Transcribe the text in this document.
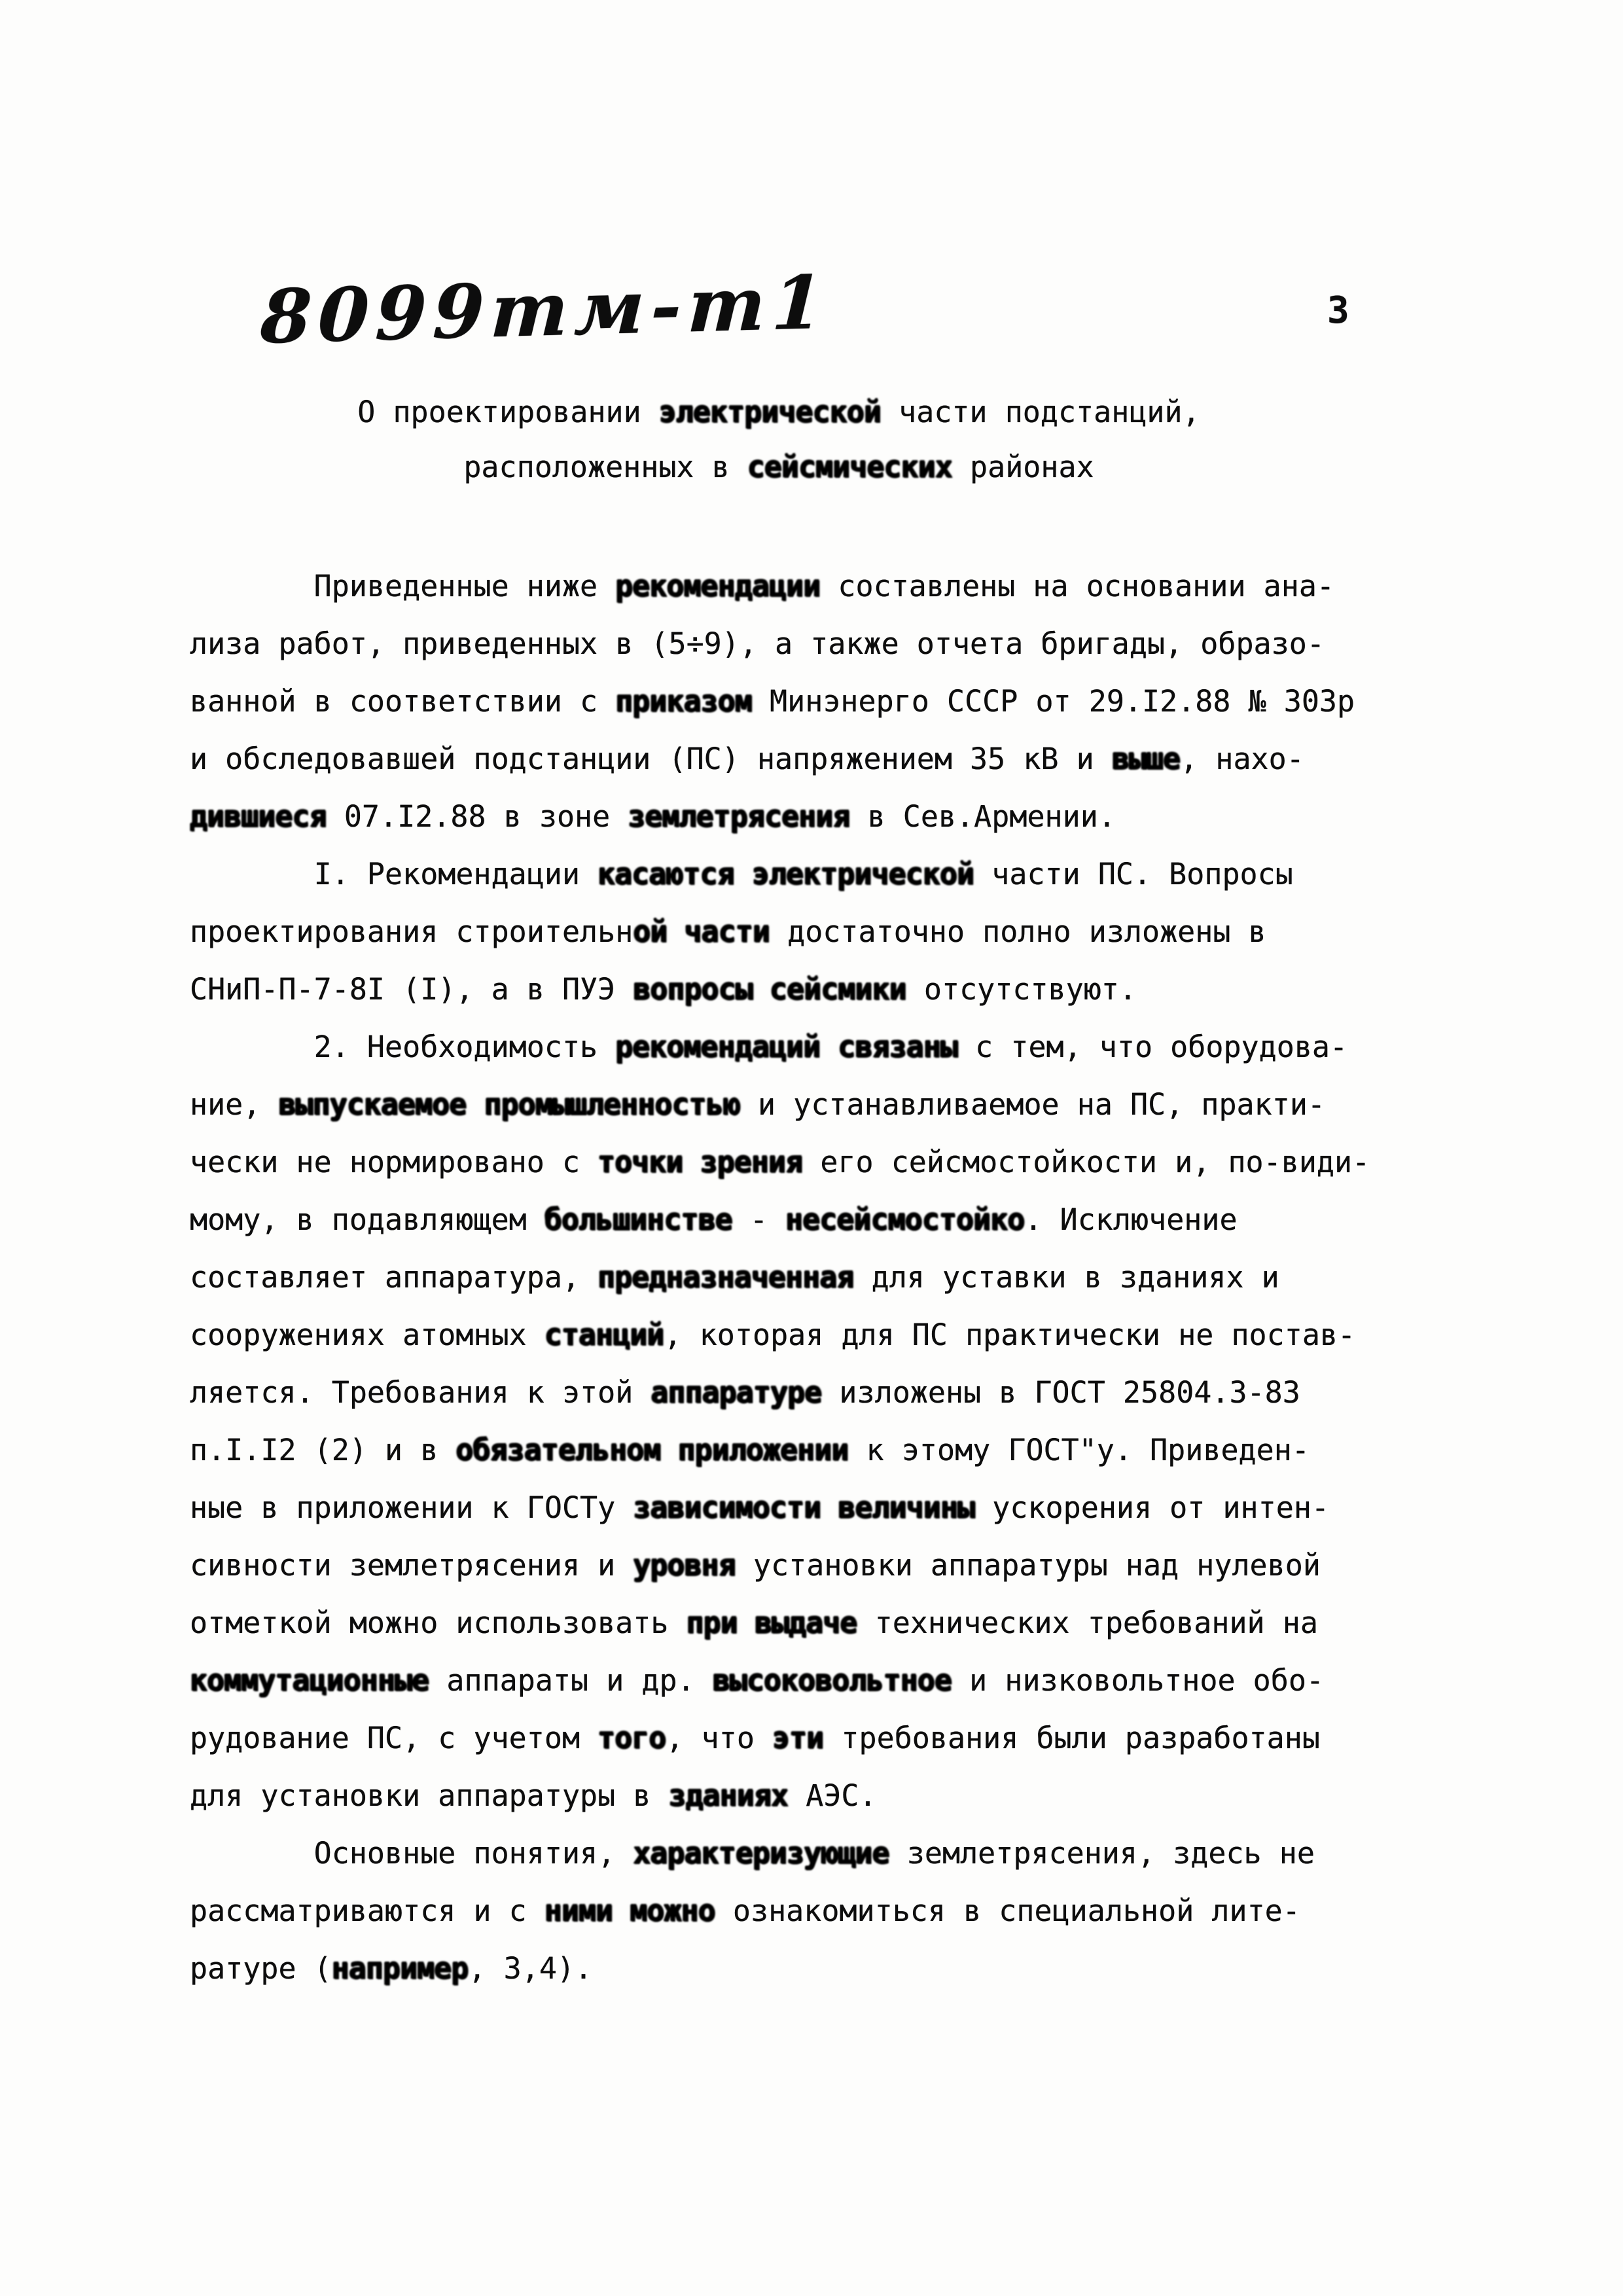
8099тм-т1	3
О проектировании электрической части подстанций,
расположенных в сейсмических районах
Приведенные ниже рекомендации составлены на основании ана-
лиза работ, приведенных в (5÷9), а также отчета бригады, образо-
ванной в соответствии с приказом Минэнерго СССР от 29.I2.88 № 303р
и обследовавшей подстанции (ПС) напряжением 35 кВ и выше, нахо-
дившиеся 07.I2.88 в зоне землетрясения в Сев.Армении.
I. Рекомендации касаются электрической части ПС. Вопросы
проектирования строительной части достаточно полно изложены в
СНиП-П-7-8I (I), а в ПУЭ вопросы сейсмики отсутствуют.
2. Необходимость рекомендаций связаны с тем, что оборудова-
ние, выпускаемое промышленностью и устанавливаемое на ПС, практи-
чески не нормировано с точки зрения его сейсмостойкости и, по-види-
мому, в подавляющем большинстве - несейсмостойко. Исключение
составляет аппаратура, предназначенная для уставки в зданиях и
сооружениях атомных станций, которая для ПС практически не постав-
ляется. Требования к этой аппаратуре изложены в ГОСТ 25804.3-83
п.I.I2 (2) и в обязательном приложении к этому ГОСТ"у. Приведен-
ные в приложении к ГОСТу зависимости величины ускорения от интен-
сивности землетрясения и уровня установки аппаратуры над нулевой
отметкой можно использовать при выдаче технических требований на
коммутационные аппараты и др. высоковольтное и низковольтное обо-
рудование ПС, с учетом того, что эти требования были разработаны
для установки аппаратуры в зданиях АЭС.
Основные понятия, характеризующие землетрясения, здесь не
рассматриваются и с ними можно ознакомиться в специальной лите-
ратуре (например, 3,4).
